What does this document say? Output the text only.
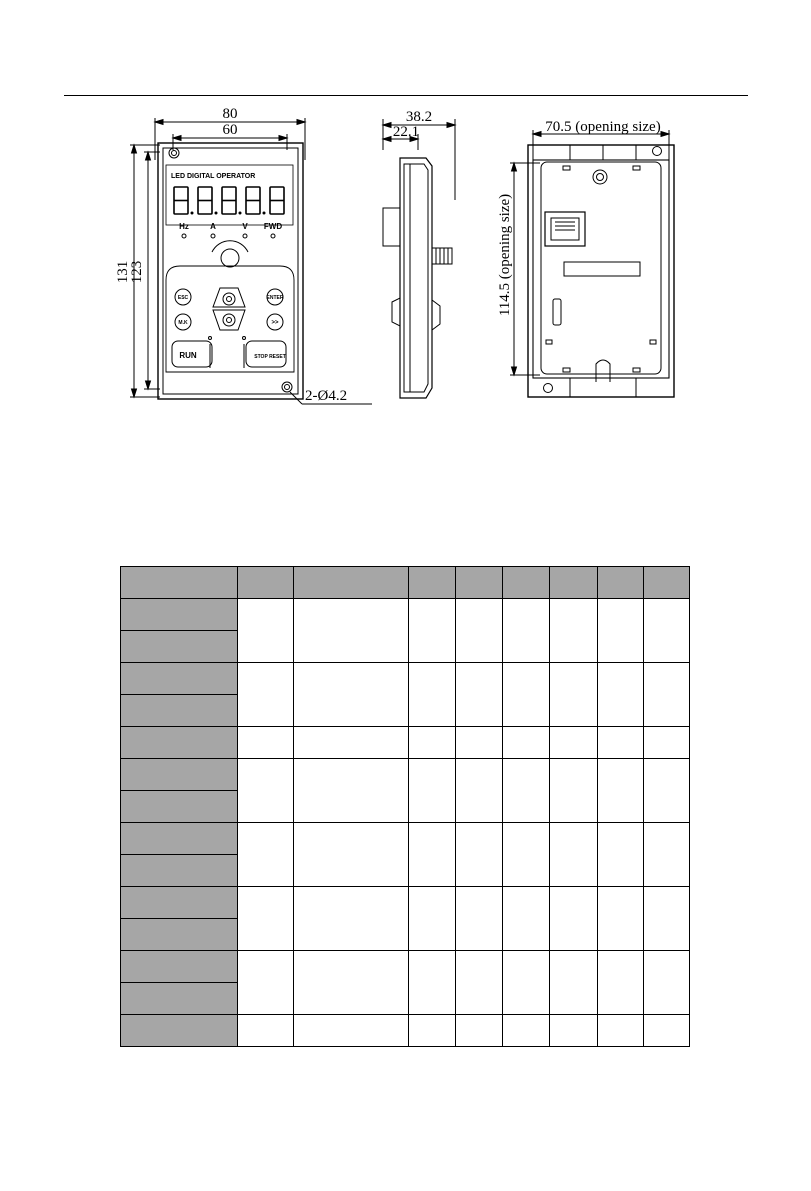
80
60
131
123
2-Ø4.2
38.2
22.1	70.5 (opening size)
114.5 (opening size)
LED DIGITAL OPERATOR
Hz	A	V FWD
ESC	ENTER
M.K	>>
RUN	STOP RESET
